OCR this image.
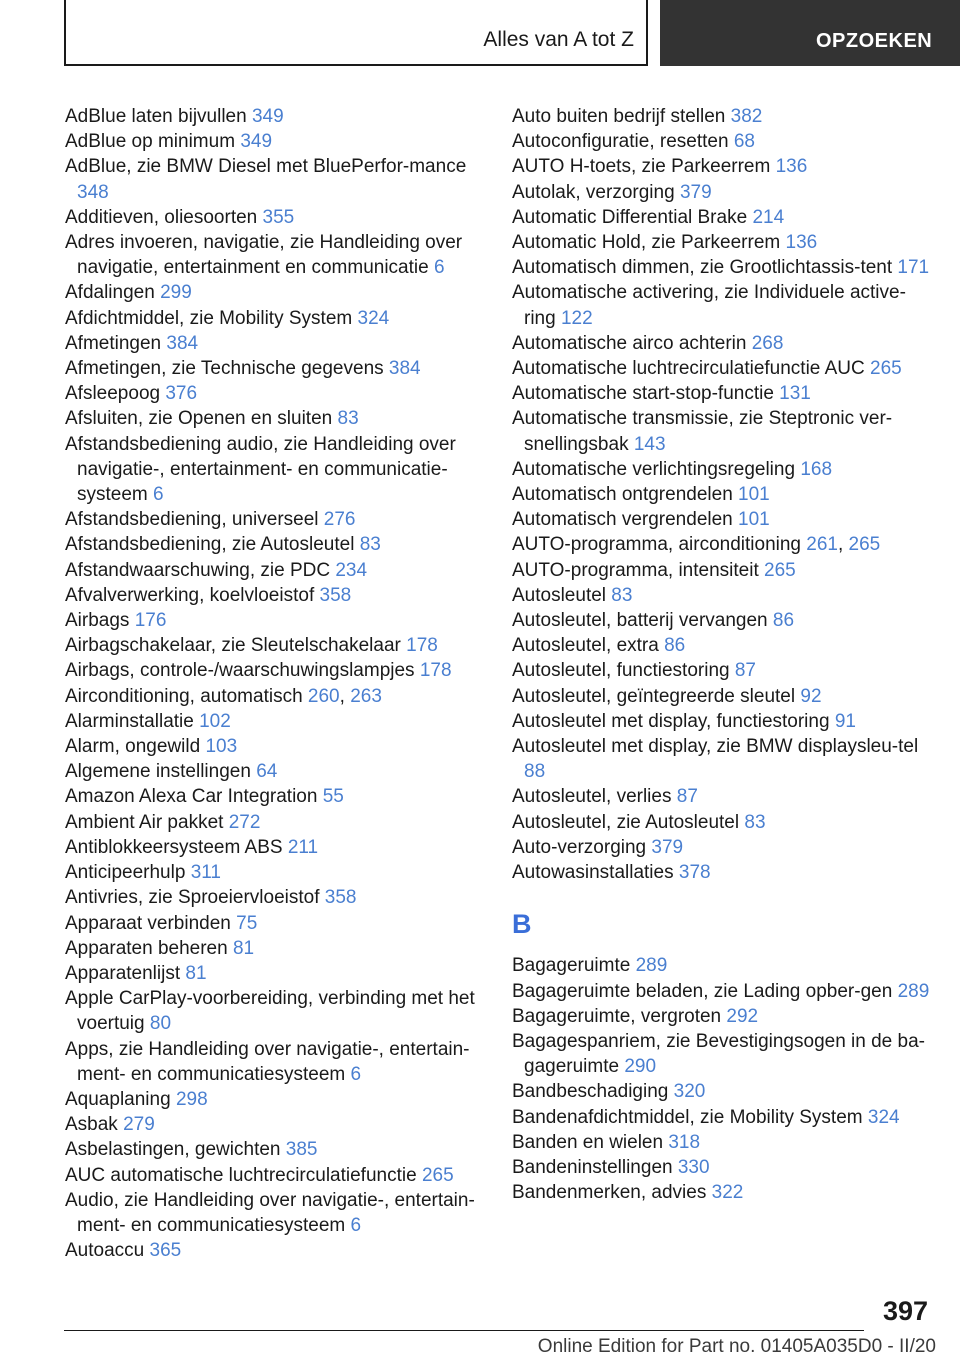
Alles van A tot Z	OPZOEKEN

AdBlue laten bijvullen 349

AdBlue op minimum 349

AdBlue, zie BMW Diesel met BluePerfor‐mance 348

Additieven, oliesoorten 355

Adres invoeren, navigatie, zie Handleiding over navigatie, entertainment en communicatie 6

Afdalingen 299

Afdichtmiddel, zie Mobility System 324

Afmetingen 384

Afmetingen, zie Technische gegevens 384

Afsleepoog 376

Afsluiten, zie Openen en sluiten 83

Afstandsbediening audio, zie Handleiding over navigatie-, entertainment- en communicatie‐systeem 6

Afstandsbediening, universeel 276

Afstandsbediening, zie Autosleutel 83

Afstandwaarschuwing, zie PDC 234

Afvalverwerking, koelvloeistof 358

Airbags 176

Airbagschakelaar, zie Sleutelschakelaar 178

Airbags, controle-/waarschuwingslampjes 178

Airconditioning, automatisch 260, 263

Alarminstallatie 102

Alarm, ongewild 103

Algemene instellingen 64

Amazon Alexa Car Integration 55

Ambient Air pakket 272

Antiblokkeersysteem ABS 211

Anticipeerhulp 311

Antivries, zie Sproeiervloeistof 358

Apparaat verbinden 75

Apparaten beheren 81

Apparatenlijst 81

Apple CarPlay-voorbereiding, verbinding met het voertuig 80

Apps, zie Handleiding over navigatie-, entertain‐ment- en communicatiesysteem 6

Aquaplaning 298

Asbak 279

Asbelastingen, gewichten 385

AUC automatische luchtrecirculatiefunctie 265

Audio, zie Handleiding over navigatie-, entertain‐ment- en communicatiesysteem 6

Autoaccu 365

Auto buiten bedrijf stellen 382

Autoconfiguratie, resetten 68

AUTO H-toets, zie Parkeerrem 136

Autolak, verzorging 379

Automatic Differential Brake 214

Automatic Hold, zie Parkeerrem 136

Automatisch dimmen, zie Grootlichtassis‐tent 171

Automatische activering, zie Individuele active‐ring 122

Automatische airco achterin 268

Automatische luchtrecirculatiefunctie AUC 265

Automatische start-stop-functie 131

Automatische transmissie, zie Steptronic ver‐snellingsbak 143

Automatische verlichtingsregeling 168

Automatisch ontgrendelen 101

Automatisch vergrendelen 101

AUTO-programma, airconditioning 261, 265

AUTO-programma, intensiteit 265

Autosleutel 83

Autosleutel, batterij vervangen 86

Autosleutel, extra 86

Autosleutel, functiestoring 87

Autosleutel, geïntegreerde sleutel 92

Autosleutel met display, functiestoring 91

Autosleutel met display, zie BMW displaysleu‐tel 88

Autosleutel, verlies 87

Autosleutel, zie Autosleutel 83

Auto-verzorging 379

Autowasinstallaties 378

B

Bagageruimte 289

Bagageruimte beladen, zie Lading opber‐gen 289

Bagageruimte, vergroten 292

Bagagespanriem, zie Bevestigingsogen in de ba‐gageruimte 290

Bandbeschadiging 320

Bandenafdichtmiddel, zie Mobility System 324

Banden en wielen 318

Bandeninstellingen 330

Bandenmerken, advies 322

397
Online Edition for Part no. 01405A035D0 - II/20
